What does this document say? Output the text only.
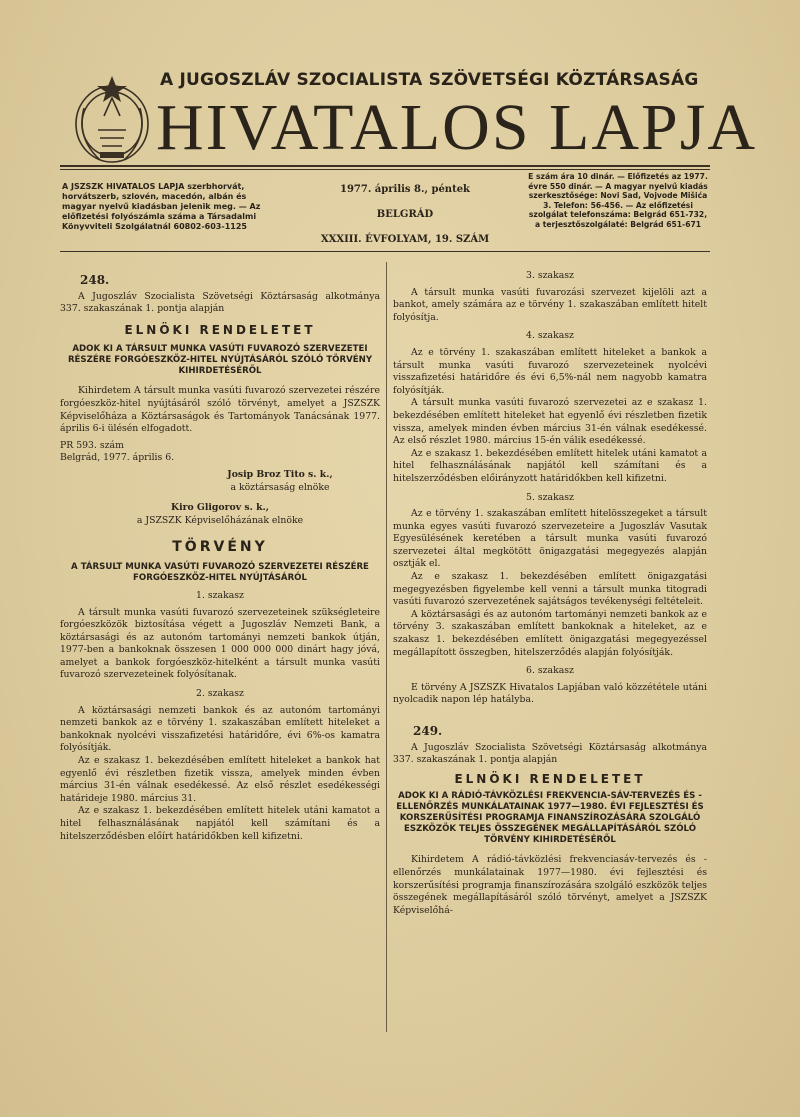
A JUGOSZLÁV SZOCIALISTA SZÖVETSÉGI KÖZTÁRSASÁG
HIVATALOS LAPJA
A JSZSZK HIVATALOS LAPJA szerbhorvát, horvátszerb, szlovén, macedón, albán és magyar nyelvű kiadásban jelenik meg. — Az előfizetési folyószámla száma a Társadalmi Könyvviteli Szolgálatnál 60802-603-1125
1977. április 8., péntek
BELGRÁD
XXXIII. ÉVFOLYAM, 19. SZÁM
E szám ára 10 dinár. — Előfizetés az 1977. évre 550 dinár. — A magyar nyelvű kiadás szerkesztősége: Novi Sad, Vojvode Mišića 3. Telefon: 56-456. — Az előfizetési szolgálat telefonszáma: Belgrád 651-732, a terjesztőszolgálaté: Belgrád 651-671
248.

A Jugoszláv Szocialista Szövetségi Köztársaság alkotmánya 337. szakaszának 1. pontja alapján

ELNÖKI RENDELETET

ADOK KI A TÁRSULT MUNKA VASÚTI FUVAROZÓ SZERVEZETEI RÉSZÉRE FORGÓESZKÖZ-HITEL NYÚJTÁSÁRÓL SZÓLÓ TÖRVÉNY KIHIRDETÉSÉRŐL

Kihirdetem A társult munka vasúti fuvarozó szervezetei részére forgóeszköz-hitel nyújtásáról szóló törvényt, amelyet a JSZSZK Képviselőháza a Köztársaságok és Tartományok Tanácsának 1977. április 6-i ülésén elfogadott.

PR 593. szám

Belgrád, 1977. április 6.

Josip Broz Tito s. k.,

a köztársaság elnöke

Kiro Gligorov s. k.,

a JSZSZK Képviselőházának elnöke

TÖRVÉNY

A TÁRSULT MUNKA VASÚTI FUVAROZÓ SZERVEZETEI RÉSZÉRE FORGÓESZKÖZ-HITEL NYÚJTÁSÁRÓL

1. szakasz

A társult munka vasúti fuvarozó szervezeteinek szükségleteire forgóeszközök biztosítása végett a Jugoszláv Nemzeti Bank, a köztársasági és az autonóm tartományi nemzeti bankok útján, 1977-ben a bankoknak összesen 1 000 000 000 dinárt hagy jóvá, amelyet a bankok forgóeszköz-hitelként a társult munka vasúti fuvarozó szervezeteinek folyósítanak.

2. szakasz

A köztársasági nemzeti bankok és az autonóm tartományi nemzeti bankok az e törvény 1. szakaszában említett hiteleket a bankoknak nyolcévi visszafizetési határidőre, évi 6%-os kamatra folyósítják.

Az e szakasz 1. bekezdésében említett hiteleket a bankok hat egyenlő évi részletben fizetik vissza, amelyek minden évben március 31-én válnak esedékessé. Az első részlet esedékességi határideje 1980. március 31.

Az e szakasz 1. bekezdésében említett hitelek utáni kamatot a hitel felhasználásának napjától kell számítani és a hitelszerződésben előírt határidőkben kell kifizetni.

3. szakasz

A társult munka vasúti fuvarozási szervezet kijelöli azt a bankot, amely számára az e törvény 1. szakaszában említett hitelt folyósítja.

4. szakasz

Az e törvény 1. szakaszában említett hiteleket a bankok a társult munka vasúti fuvarozó szervezeteinek nyolcévi visszafizetési határidőre és évi 6,5%-nál nem nagyobb kamatra folyósítják.

A társult munka vasúti fuvarozó szervezetei az e szakasz 1. bekezdésében említett hiteleket hat egyenlő évi részletben fizetik vissza, amelyek minden évben március 31-én válnak esedékessé. Az első részlet 1980. március 15-én válik esedékessé.

Az e szakasz 1. bekezdésében említett hitelek utáni kamatot a hitel felhasználásának napjától kell számítani és a hitelszerződésben előirányzott határidőkben kell kifizetni.

5. szakasz

Az e törvény 1. szakaszában említett hitelösszegeket a társult munka egyes vasúti fuvarozó szervezeteire a Jugoszláv Vasutak Egyesülésének keretében a társult munka vasúti fuvarozó szervezetei által megkötött önigazgatási megegyezés alapján osztják el.

Az e szakasz 1. bekezdésében említett önigazgatási megegyezésben figyelembe kell venni a társult munka titogradi vasúti fuvarozó szervezetének sajátságos tevékenységi feltételeit.

A köztársasági és az autonóm tartományi nemzeti bankok az e törvény 3. szakaszában említett bankoknak a hiteleket, az e szakasz 1. bekezdésében említett önigazgatási megegyezéssel megállapított összegben, hitelszerződés alapján folyósítják.

6. szakasz

E törvény A JSZSZK Hivatalos Lapjában való közzététele utáni nyolcadik napon lép hatályba.

249.

A Jugoszláv Szocialista Szövetségi Köztársaság alkotmánya 337. szakaszának 1. pontja alapján

ELNÖKI RENDELETET

ADOK KI A RÁDIÓ-TÁVKÖZLÉSI FREKVENCIA-SÁV-TERVEZÉS ÉS -ELLENŐRZÉS MUNKÁLATAINAK 1977—1980. ÉVI FEJLESZTÉSI ÉS KORSZERŰSÍTÉSI PROGRAMJA FINANSZÍROZÁSÁRA SZOLGÁLÓ ESZKÖZÖK TELJES ÖSSZEGÉNEK MEGÁLLAPÍTÁSÁRÓL SZÓLÓ TÖRVÉNY KIHIRDETÉSÉRŐL

Kihirdetem A rádió-távközlési frekvenciasáv-tervezés és -ellenőrzés munkálatainak 1977—1980. évi fejlesztési és korszerűsítési programja finanszírozására szolgáló eszközök teljes összegének megállapításáról szóló törvényt, amelyet a JSZSZK Képviselőhá-
